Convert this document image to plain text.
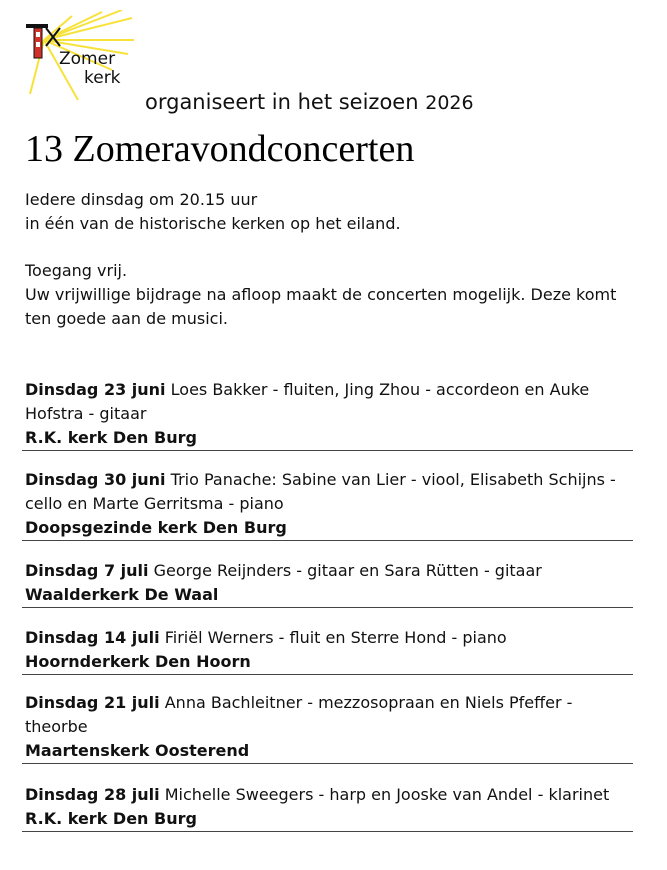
Zomer
kerk
organiseert in het seizoen 2026
13 Zomeravondconcerten
Iedere dinsdag om 20.15 uur
in één van de historische kerken op het eiland.
Toegang vrij.
Uw vrijwillige bijdrage na afloop maakt de concerten mogelijk. Deze komt ten goede aan de musici.
Dinsdag 23 juni Loes Bakker - fluiten, Jing Zhou - accordeon en Auke Hofstra - gitaar
R.K. kerk Den Burg
Dinsdag 30 juni Trio Panache: Sabine van Lier - viool, Elisabeth Schijns - cello en Marte Gerritsma - piano
Doopsgezinde kerk Den Burg
Dinsdag 7 juli George Reijnders - gitaar en Sara Rütten - gitaar
Waalderkerk De Waal
Dinsdag 14 juli Firiël Werners - fluit en Sterre Hond - piano
Hoornderkerk Den Hoorn
Dinsdag 21 juli Anna Bachleitner - mezzosopraan en Niels Pfeffer - theorbe
Maartenskerk Oosterend
Dinsdag 28 juli Michelle Sweegers - harp en Jooske van Andel - klarinet
R.K. kerk Den Burg
